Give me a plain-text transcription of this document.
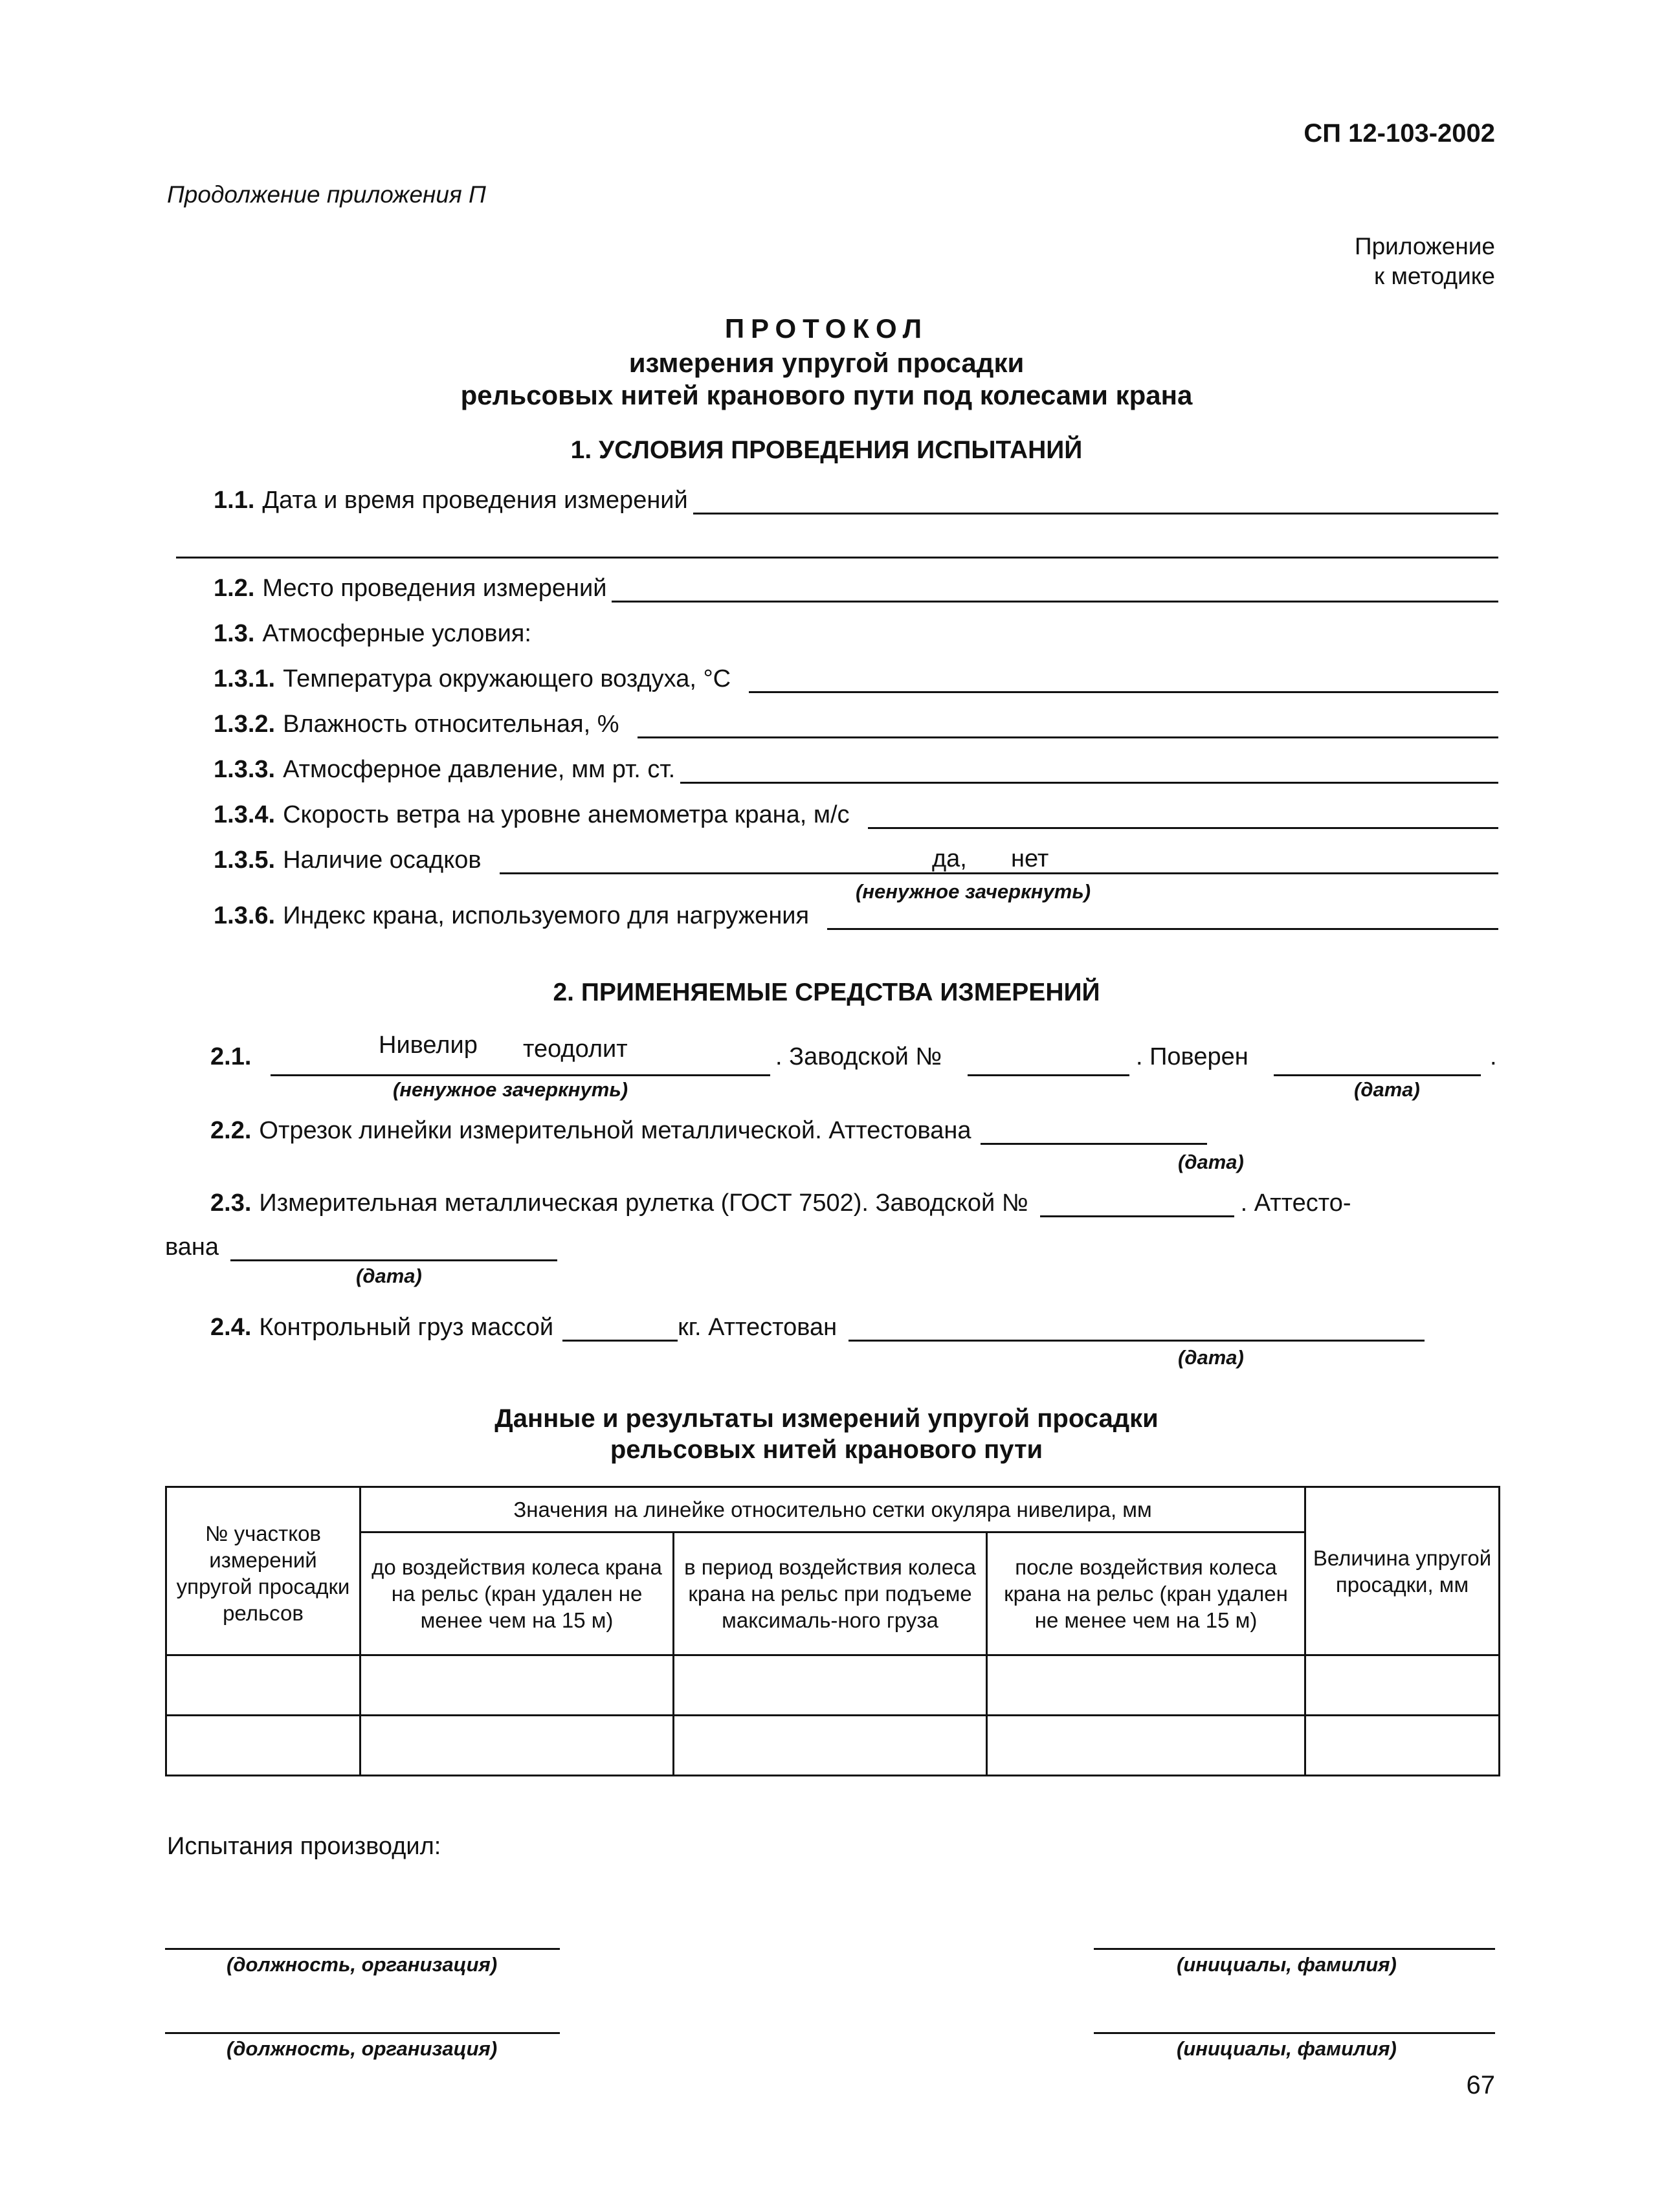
СП 12-103-2002
Продолжение приложения П
Приложение
к методике
ПРОТОКОЛ
измерения упругой просадки
рельсовых нитей кранового пути под колесами крана
1. УСЛОВИЯ ПРОВЕДЕНИЯ ИСПЫТАНИЙ
1.1. Дата и время проведения измерений
1.2. Место проведения измерений
1.3. Атмосферные условия:
1.3.1. Температура окружающего воздуха, °С
1.3.2. Влажность относительная, %
1.3.3. Атмосферное давление, мм рт. ст.
1.3.4. Скорость ветра на уровне анемометра крана, м/с
1.3.5. Наличие осадков	да, нет
(ненужное зачеркнуть)
1.3.6. Индекс крана, используемого для нагружения
2. ПРИМЕНЯЕМЫЕ СРЕДСТВА ИЗМЕРЕНИЙ
Нивелир теодолит
2.1.	. Заводской №	. Поверен	.
(ненужное зачеркнуть)	(дата)
2.2. Отрезок линейки измерительной металлической. Аттестована
(дата)
2.3. Измерительная металлическая рулетка (ГОСТ 7502). Заводской №	. Аттесто-
вана
(дата)
2.4. Контрольный груз массой	кг. Аттестован
(дата)
Данные и результаты измерений упругой просадки
рельсовых нитей кранового пути
№ участков измерений упругой просадки рельсов	Значения на линейке относительно сетки окуляра нивелира, мм			Величина упругой просадки, мм
	до воздействия колеса крана на рельс (кран удален не менее чем на 15 м)	в период воздействия колеса крана на рельс при подъеме максималь-ного груза	после воздействия колеса крана на рельс (кран удален не менее чем на 15 м)	

Испытания производил:
(должность, организация)	(инициалы, фамилия)
(должность, организация)	(инициалы, фамилия)
67
